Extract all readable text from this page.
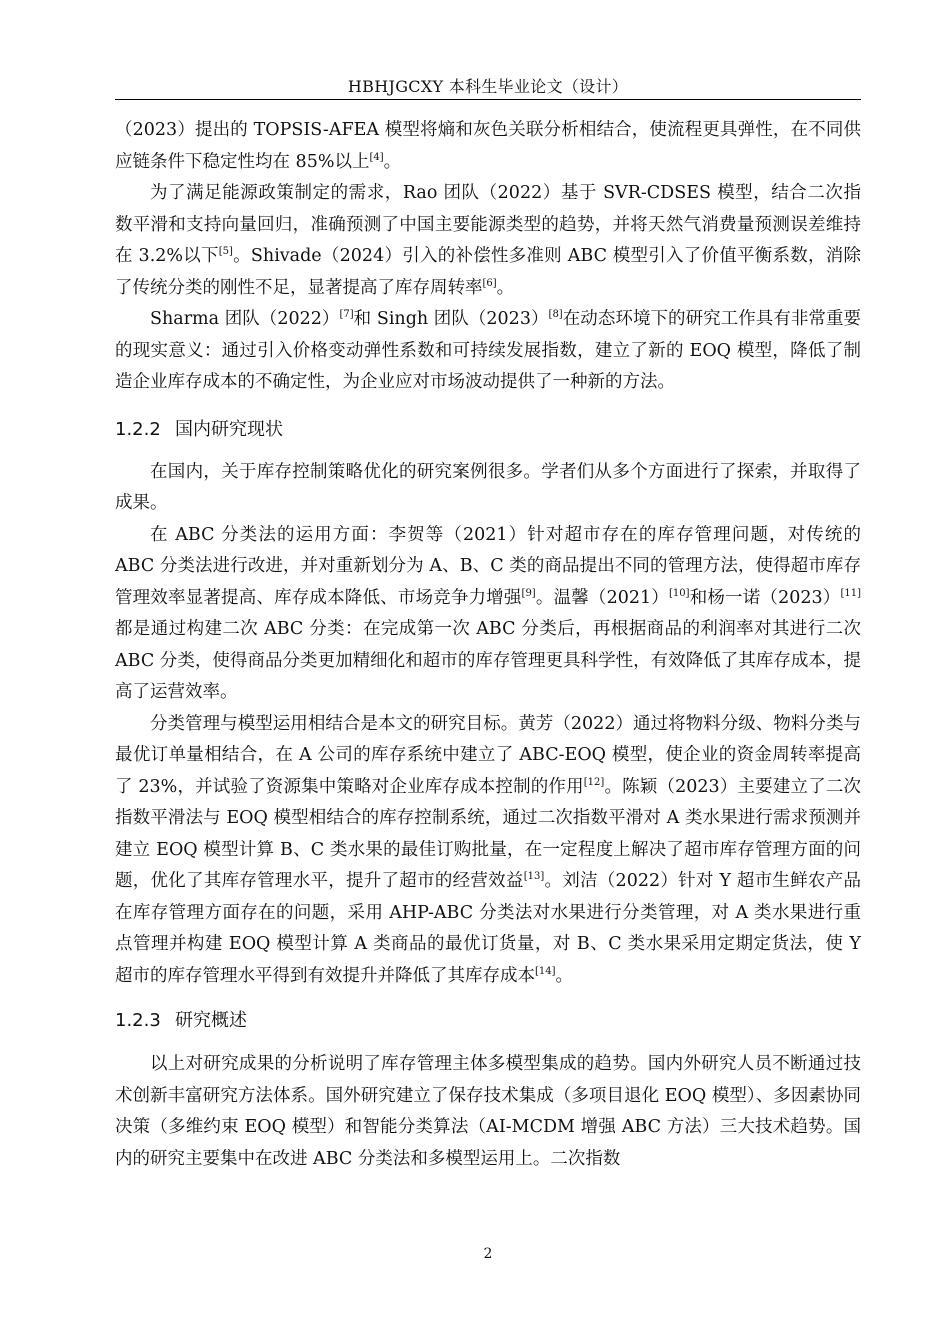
HBHJGCXY 本科生毕业论文（设计）

（2023）提出的 TOPSIS-AFEA 模型将熵和灰色关联分析相结合，使流程更具弹性，在不同供应链条件下稳定性均在 85%以上[4]。

为了满足能源政策制定的需求，Rao 团队（2022）基于 SVR-CDSES 模型，结合二次指数平滑和支持向量回归，准确预测了中国主要能源类型的趋势，并将天然气消费量预测误差维持在 3.2%以下[5]。Shivade（2024）引入的补偿性多准则 ABC 模型引入了价值平衡系数，消除了传统分类的刚性不足，显著提高了库存周转率[6]。

Sharma 团队（2022）[7]和 Singh 团队（2023）[8]在动态环境下的研究工作具有非常重要的现实意义：通过引入价格变动弹性系数和可持续发展指数，建立了新的 EOQ 模型，降低了制造企业库存成本的不确定性，为企业应对市场波动提供了一种新的方法。

1.2.2 国内研究现状

在国内，关于库存控制策略优化的研究案例很多。学者们从多个方面进行了探索，并取得了成果。

在 ABC 分类法的运用方面：李贺等（2021）针对超市存在的库存管理问题，对传统的 ABC 分类法进行改进，并对重新划分为 A、B、C 类的商品提出不同的管理方法，使得超市库存管理效率显著提高、库存成本降低、市场竞争力增强[9]。温馨（2021）[10]和杨一诺（2023）[11]都是通过构建二次 ABC 分类：在完成第一次 ABC 分类后，再根据商品的利润率对其进行二次 ABC 分类，使得商品分类更加精细化和超市的库存管理更具科学性，有效降低了其库存成本，提高了运营效率。

分类管理与模型运用相结合是本文的研究目标。黄芳（2022）通过将物料分级、物料分类与最优订单量相结合，在 A 公司的库存系统中建立了 ABC-EOQ 模型，使企业的资金周转率提高了 23%，并试验了资源集中策略对企业库存成本控制的作用[12]。陈颖（2023）主要建立了二次指数平滑法与 EOQ 模型相结合的库存控制系统，通过二次指数平滑对 A 类水果进行需求预测并建立 EOQ 模型计算 B、C 类水果的最佳订购批量，在一定程度上解决了超市库存管理方面的问题，优化了其库存管理水平，提升了超市的经营效益[13]。刘洁（2022）针对 Y 超市生鲜农产品在库存管理方面存在的问题，采用 AHP-ABC 分类法对水果进行分类管理，对 A 类水果进行重点管理并构建 EOQ 模型计算 A 类商品的最优订货量，对 B、C 类水果采用定期定货法，使 Y 超市的库存管理水平得到有效提升并降低了其库存成本[14]。

1.2.3 研究概述

以上对研究成果的分析说明了库存管理主体多模型集成的趋势。国内外研究人员不断通过技术创新丰富研究方法体系。国外研究建立了保存技术集成（多项目退化 EOQ 模型）、多因素协同决策（多维约束 EOQ 模型）和智能分类算法（AI-MCDM 增强 ABC 方法）三大技术趋势。国内的研究主要集中在改进 ABC 分类法和多模型运用上。二次指数

2
